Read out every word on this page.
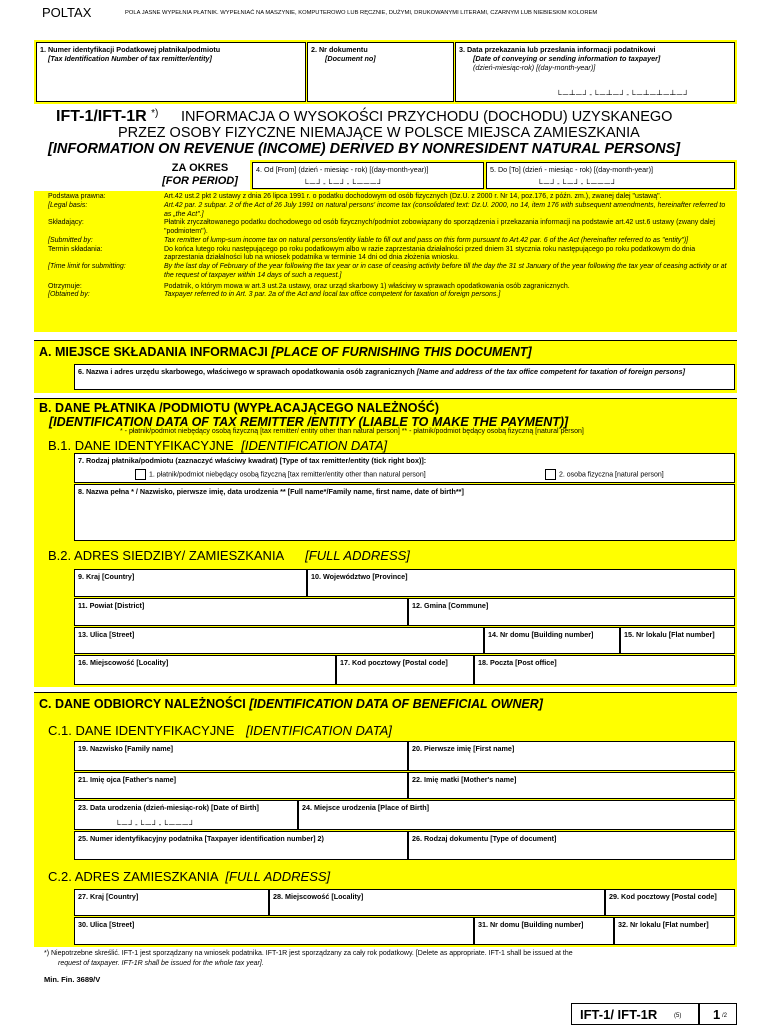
POLTAX	POLA JASNE WYPEŁNIA PŁATNIK. WYPEŁNIAĆ NA MASZYNIE, KOMPUTEROWO LUB RĘCZNIE, DUŻYMI, DRUKOWANYMI LITERAMI, CZARNYM LUB NIEBIESKIM KOLOREM
1. Numer identyfikacji Podatkowej płatnika/podmiotu
[Tax Identification Number of tax remitter/entity]
2. Nr dokumentu
[Document no]
3. Data przekazania lub przesłania informacji podatnikowi
[Date of conveying or sending information to taxpayer]
(dzień-miesiąc-rok) [(day-month-year)]
└─┴─┘-└─┴─┘-└─┴─┴─┴─┘
IFT-1/IFT-1R *) INFORMACJA O WYSOKOŚCI PRZYCHODU (DOCHODU) UZYSKANEGO
PRZEZ OSOBY FIZYCZNE NIEMAJĄCE W POLSCE MIEJSCA ZAMIESZKANIA
[INFORMATION ON REVENUE (INCOME) DERIVED BY NONRESIDENT NATURAL PERSONS]
ZA OKRES
[FOR PERIOD]
4. Od [From] (dzień - miesiąc - rok) [(day-month-year)]
└─┘-└─┘-└───┘
5. Do [To] (dzień - miesiąc - rok) [(day-month-year)]
└─┘-└─┘-└───┘
Podstawa prawna:	Art.42 ust.2 pkt 2 ustawy z dnia 26 lipca 1991 r. o podatku dochodowym od osób fizycznych (Dz.U. z 2000 r. Nr 14, poz.176, z późn. zm.), zwanej dalej "ustawą".
[Legal basis:	Art.42 par. 2 subpar. 2 of the Act of 26 July 1991 on natural persons' income tax (consolidated text: Dz.U. 2000, no 14, item 176 with subsequent amendments, hereinafter referred to as „the Act".]
Składający:	Płatnik zryczałtowanego podatku dochodowego od osób fizycznych/podmiot zobowiązany do sporządzenia i przekazania informacji na podstawie art.42 ust.6 ustawy (zwany dalej "podmiotem").
[Submitted by:	Tax remitter of lump-sum income tax on natural persons/entity liable to fill out and pass on this form pursuant to Art.42 par. 6 of the Act (hereinafter referred to as "entity")]
Termin składania:	Do końca lutego roku następującego po roku podatkowym albo w razie zaprzestania działalności przed dniem 31 stycznia roku następującego po roku podatkowym do dnia zaprzestania działalności lub na wniosek podatnika w terminie 14 dni od dnia złożenia wniosku.
[Time limit for submitting:	By the last day of February of the year following the tax year or in case of ceasing activity before till the day the 31 st January of the year following the tax year of ceasing activity or at the request of taxpayer within 14 days of such a request.]
Otrzymuje:	Podatnik, o którym mowa w art.3 ust.2a ustawy, oraz urząd skarbowy 1) właściwy w sprawach opodatkowania osób zagranicznych.
[Obtained by:	Taxpayer referred to in Art. 3 par. 2a of the Act and local tax office competent for taxation of foreign persons.]
A. MIEJSCE SKŁADANIA INFORMACJI [PLACE OF FURNISHING THIS DOCUMENT]
6. Nazwa i adres urzędu skarbowego, właściwego w sprawach opodatkowania osób zagranicznych [Name and address of the tax office competent for taxation of foreign persons]
B. DANE PŁATNIKA /PODMIOTU (WYPŁACAJĄCEGO NALEŻNOŚĆ)
[IDENTIFICATION DATA OF TAX REMITTER /ENTITY (LIABLE TO MAKE THE PAYMENT)]
* - płatnik/podmiot niebędący osobą fizyczną [tax remitter/ entity other than natural person] ** - płatnik/podmiot będący osobą fizyczną [natural person]
B.1. DANE IDENTYFIKACYJNE [IDENTIFICATION DATA]
7. Rodzaj płatnika/podmiotu (zaznaczyć właściwy kwadrat) [Type of tax remitter/entity (tick right box)]:
1. płatnik/podmiot niebędący osobą fizyczną [tax remitter/entity other than natural person]	2. osoba fizyczna [natural person]
8. Nazwa pełna * / Nazwisko, pierwsze imię, data urodzenia ** [Full name*/Family name, first name, date of birth**]
B.2. ADRES SIEDZIBY/ ZAMIESZKANIA [FULL ADDRESS]
9. Kraj [Country]	10. Województwo [Province]
11. Powiat [District]	12. Gmina [Commune]
13. Ulica [Street]	14. Nr domu [Building number]	15. Nr lokalu [Flat number]
16. Miejscowość [Locality]	17. Kod pocztowy [Postal code]	18. Poczta [Post office]
C. DANE ODBIORCY NALEŻNOŚCI [IDENTIFICATION DATA OF BENEFICIAL OWNER]
C.1. DANE IDENTYFIKACYJNE [IDENTIFICATION DATA]
19. Nazwisko [Family name]	20. Pierwsze imię [First name]
21. Imię ojca [Father's name]	22. Imię matki [Mother's name]
23. Data urodzenia (dzień-miesiąc-rok) [Date of Birth]
└─┘-└─┘-└───┘
24. Miejsce urodzenia [Place of Birth]
25. Numer identyfikacyjny podatnika [Taxpayer identification number] 2)	26. Rodzaj dokumentu [Type of document]
C.2. ADRES ZAMIESZKANIA [FULL ADDRESS]
27. Kraj [Country]	28. Miejscowość [Locality]	29. Kod pocztowy [Postal code]
30. Ulica [Street]	31. Nr domu [Building number]	32. Nr lokalu [Flat number]
*) Niepotrzebne skreślić. IFT-1 jest sporządzany na wniosek podatnika. IFT-1R jest sporządzany za cały rok podatkowy. [Delete as appropriate. IFT-1 shall be issued at the
request of taxpayer. IFT-1R shall be issued for the whole tax year].
Min. Fin. 3689/V
IFT-1/ IFT-1R	(5) 1 /2
